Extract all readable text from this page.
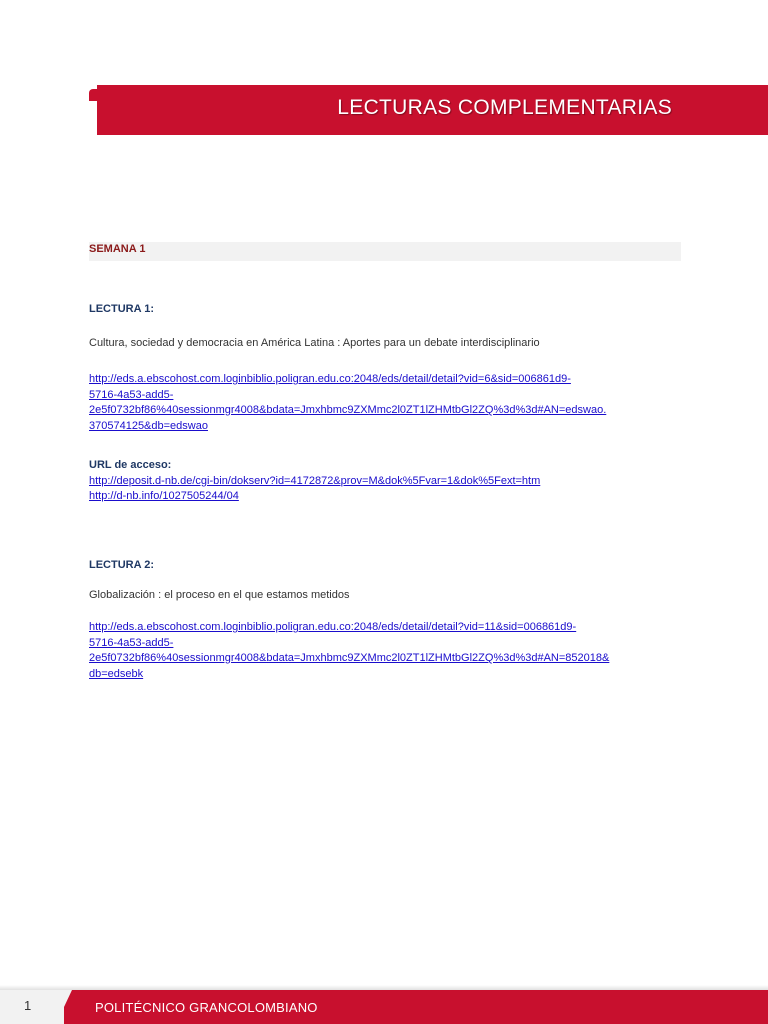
LECTURAS COMPLEMENTARIAS
SEMANA 1
LECTURA 1:
Cultura, sociedad y democracia en América Latina : Aportes para un debate interdisciplinario
http://eds.a.ebscohost.com.loginbiblio.poligran.edu.co:2048/eds/detail/detail?vid=6&sid=006861d9-
5716-4a53-add5-
2e5f0732bf86%40sessionmgr4008&bdata=Jmxhbmc9ZXMmc2l0ZT1lZHMtbGl2ZQ%3d%3d#AN=edswao.
370574125&db=edswao
URL de acceso:
http://deposit.d-nb.de/cgi-bin/dokserv?id=4172872&prov=M&dok%5Fvar=1&dok%5Fext=htm
http://d-nb.info/1027505244/04
LECTURA 2:
Globalización : el proceso en el que estamos metidos
http://eds.a.ebscohost.com.loginbiblio.poligran.edu.co:2048/eds/detail/detail?vid=11&sid=006861d9-
5716-4a53-add5-
2e5f0732bf86%40sessionmgr4008&bdata=Jmxhbmc9ZXMmc2l0ZT1lZHMtbGl2ZQ%3d%3d#AN=852018&
db=edsebk
1	POLITÉCNICO GRANCOLOMBIANO
